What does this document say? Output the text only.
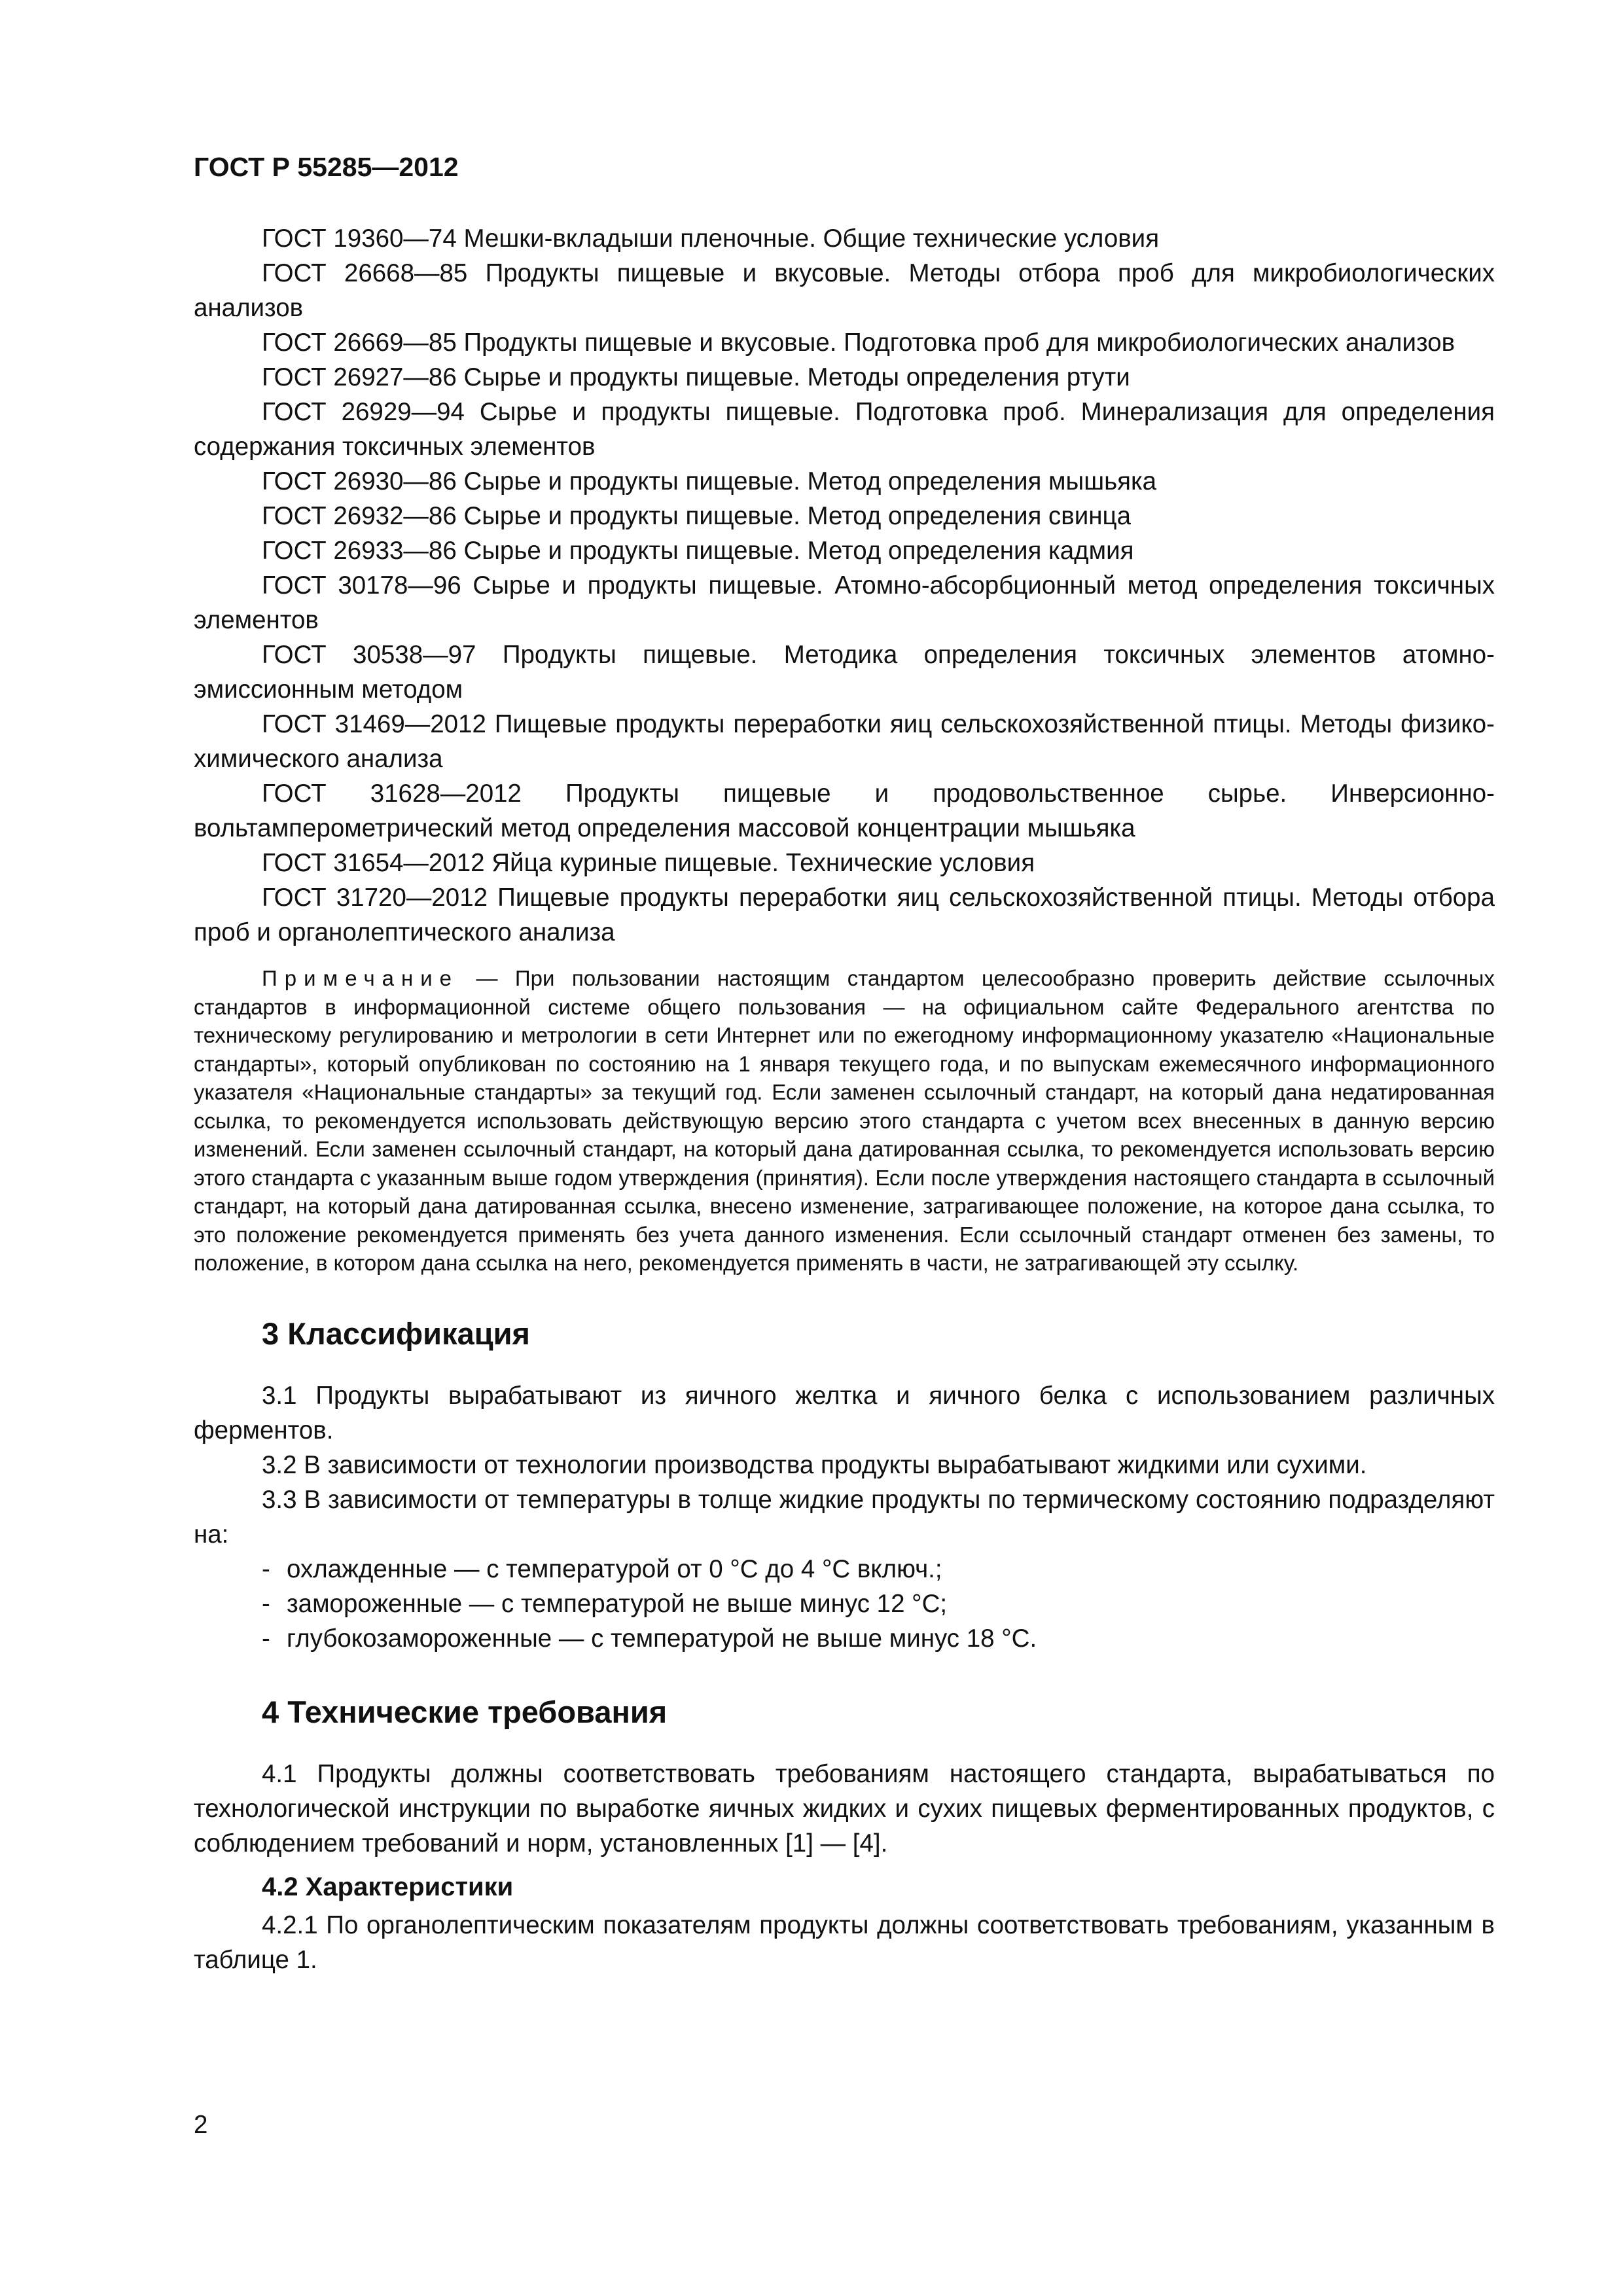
ГОСТ Р 55285—2012

ГОСТ 19360—74 Мешки-вкладыши пленочные. Общие технические условия

ГОСТ 26668—85 Продукты пищевые и вкусовые. Методы отбора проб для микробиологических анализов

ГОСТ 26669—85 Продукты пищевые и вкусовые. Подготовка проб для микробиологических анализов

ГОСТ 26927—86 Сырье и продукты пищевые. Методы определения ртути

ГОСТ 26929—94 Сырье и продукты пищевые. Подготовка проб. Минерализация для определения содержания токсичных элементов

ГОСТ 26930—86 Сырье и продукты пищевые. Метод определения мышьяка

ГОСТ 26932—86 Сырье и продукты пищевые. Метод определения свинца

ГОСТ 26933—86 Сырье и продукты пищевые. Метод определения кадмия

ГОСТ 30178—96 Сырье и продукты пищевые. Атомно-абсорбционный метод определения токсичных элементов

ГОСТ 30538—97 Продукты пищевые. Методика определения токсичных элементов атомно-эмиссионным методом

ГОСТ 31469—2012 Пищевые продукты переработки яиц сельскохозяйственной птицы. Методы физико-химического анализа

ГОСТ 31628—2012 Продукты пищевые и продовольственное сырье. Инверсионно-вольтамперометрический метод определения массовой концентрации мышьяка

ГОСТ 31654—2012 Яйца куриные пищевые. Технические условия

ГОСТ 31720—2012 Пищевые продукты переработки яиц сельскохозяйственной птицы. Методы отбора проб и органолептического анализа

Примечание — При пользовании настоящим стандартом целесообразно проверить действие ссылочных стандартов в информационной системе общего пользования — на официальном сайте Федерального агентства по техническому регулированию и метрологии в сети Интернет или по ежегодному информационному указателю «Национальные стандарты», который опубликован по состоянию на 1 января текущего года, и по выпускам ежемесячного информационного указателя «Национальные стандарты» за текущий год. Если заменен ссылочный стандарт, на который дана недатированная ссылка, то рекомендуется использовать действующую версию этого стандарта с учетом всех внесенных в данную версию изменений. Если заменен ссылочный стандарт, на который дана датированная ссылка, то рекомендуется использовать версию этого стандарта с указанным выше годом утверждения (принятия). Если после утверждения настоящего стандарта в ссылочный стандарт, на который дана датированная ссылка, внесено изменение, затрагивающее положение, на которое дана ссылка, то это положение рекомендуется применять без учета данного изменения. Если ссылочный стандарт отменен без замены, то положение, в котором дана ссылка на него, рекомендуется применять в части, не затрагивающей эту ссылку.

3 Классификация

3.1 Продукты вырабатывают из яичного желтка и яичного белка с использованием различных ферментов.

3.2 В зависимости от технологии производства продукты вырабатывают жидкими или сухими.

3.3 В зависимости от температуры в толще жидкие продукты по термическому состоянию подразделяют на:

- охлажденные — с температурой от 0 °С до 4 °С включ.;
- замороженные — с температурой не выше минус 12 °С;
- глубокозамороженные — с температурой не выше минус 18 °С.
4 Технические требования

4.1 Продукты должны соответствовать требованиям настоящего стандарта, вырабатываться по технологической инструкции по выработке яичных жидких и сухих пищевых ферментированных продуктов, с соблюдением требований и норм, установленных [1] — [4].

4.2 Характеристики

4.2.1 По органолептическим показателям продукты должны соответствовать требованиям, указанным в таблице 1.

2
